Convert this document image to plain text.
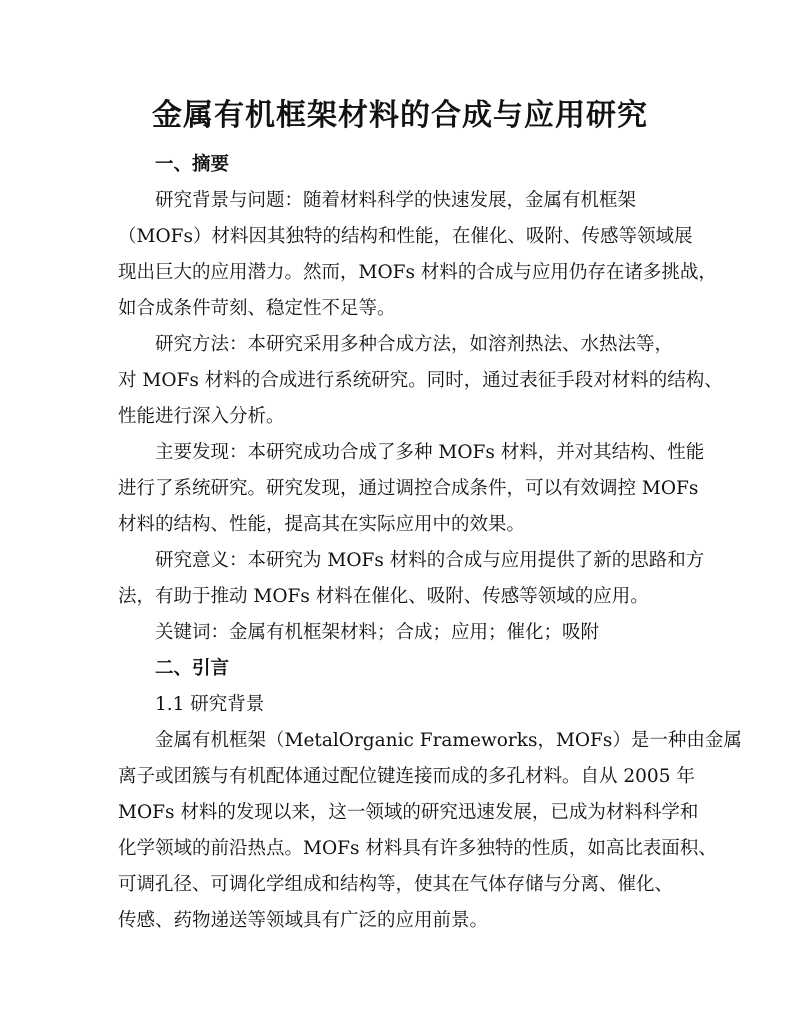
金属有机框架材料的合成与应用研究
一、摘要
研究背景与问题：随着材料科学的快速发展，金属有机框架
（MOFs）材料因其独特的结构和性能，在催化、吸附、传感等领域展
现出巨大的应用潜力。然而，MOFs 材料的合成与应用仍存在诸多挑战，
如合成条件苛刻、稳定性不足等。
研究方法：本研究采用多种合成方法，如溶剂热法、水热法等，
对 MOFs 材料的合成进行系统研究。同时，通过表征手段对材料的结构、
性能进行深入分析。
主要发现：本研究成功合成了多种 MOFs 材料，并对其结构、性能
进行了系统研究。研究发现，通过调控合成条件，可以有效调控 MOFs
材料的结构、性能，提高其在实际应用中的效果。
研究意义：本研究为 MOFs 材料的合成与应用提供了新的思路和方
法，有助于推动 MOFs 材料在催化、吸附、传感等领域的应用。
关键词：金属有机框架材料；合成；应用；催化；吸附
二、引言
1.1 研究背景
金属有机框架（MetalOrganic Frameworks，MOFs）是一种由金属
离子或团簇与有机配体通过配位键连接而成的多孔材料。自从 2005 年
MOFs 材料的发现以来，这一领域的研究迅速发展，已成为材料科学和
化学领域的前沿热点。MOFs 材料具有许多独特的性质，如高比表面积、
可调孔径、可调化学组成和结构等，使其在气体存储与分离、催化、
传感、药物递送等领域具有广泛的应用前景。
